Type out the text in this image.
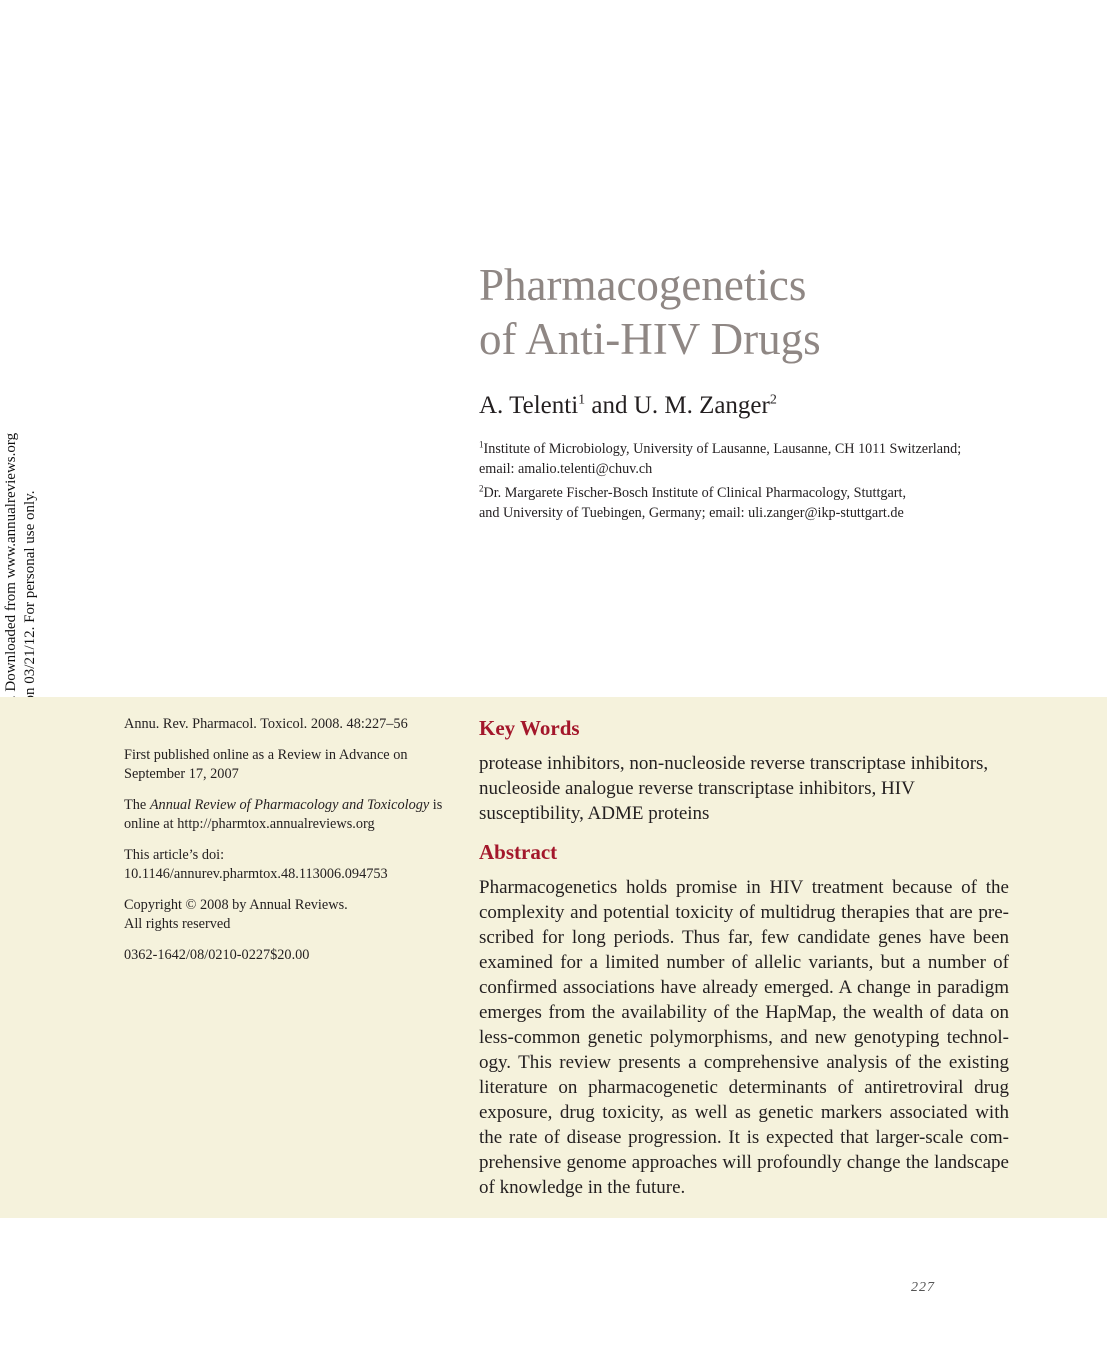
Pharmacogenetics
of Anti-HIV Drugs
A. Telenti$^1$ and U. M. Zanger$^2$
$^1$Institute of Microbiology, University of Lausanne, Lausanne, CH 1011 Switzerland;
email: amalio.telenti@chuv.ch
$^2$Dr. Margarete Fischer-Bosch Institute of Clinical Pharmacology, Stuttgart,
and University of Tuebingen, Germany; email: uli.zanger@ikp-stuttgart.de

Annu. Rev. Pharmacol. Toxicol. 2008. 48:227–56

First published online as a Review in Advance on
September 17, 2007

The Annual Review of Pharmacology and Toxicology is
online at http://pharmtox.annualreviews.org

This article’s doi:
10.1146/annurev.pharmtox.48.113006.094753

Copyright © 2008 by Annual Reviews.
All rights reserved

0362-1642/08/0210-0227$20.00

Key Words
protease inhibitors, non-nucleoside reverse transcriptase inhibitors, nucleoside analogue reverse transcriptase inhibitors, HIV susceptibility, ADME proteins
Abstract
Pharmacogenetics holds promise in HIV treatment because of the complexity and potential toxicity of multidrug therapies that are prescribed for long periods. Thus far, few candidate genes have been examined for a limited number of allelic variants, but a number of confirmed associations have already emerged. A change in paradigm emerges from the availability of the HapMap, the wealth of data on less-common genetic polymorphisms, and new genotyping technology. This review presents a comprehensive analysis of the existing literature on pharmacogenetic determinants of antiretroviral drug exposure, drug toxicity, as well as genetic markers associated with the rate of disease progression. It is expected that larger-scale comprehensive genome approaches will profoundly change the landscape of knowledge in the future.
227
